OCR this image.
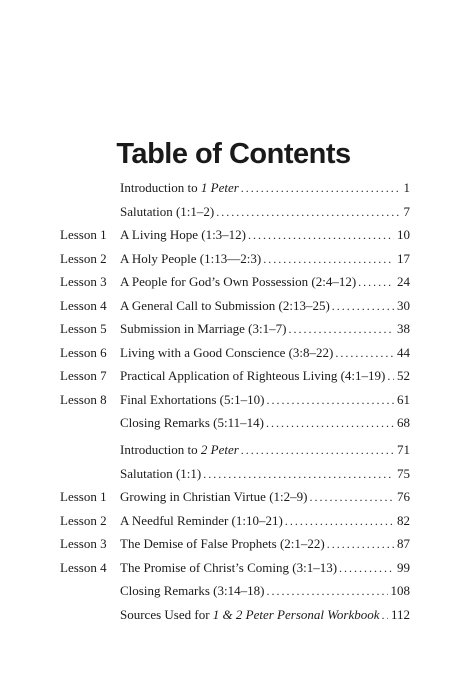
Table of Contents
Introduction to 1 Peter . . .	1
Salutation (1:1–2) . . .	7
Lesson 1 A Living Hope (1:3–12) . . .	10
Lesson 2 A Holy People (1:13—2:3) . . .	17
Lesson 3 A People for God’s Own Possession (2:4–12) . . .	24
Lesson 4 A General Call to Submission (2:13–25) . . .	30
Lesson 5 Submission in Marriage (3:1–7) . . .	38
Lesson 6 Living with a Good Conscience (3:8–22) . . .	44
Lesson 7 Practical Application of Righteous Living (4:1–19) . . . 52
Lesson 8 Final Exhortations (5:1–10) . . .	61
Closing Remarks (5:11–14) . . .	68
Introduction to 2 Peter . . .	71
Salutation (1:1) . . .	75
Lesson 1 Growing in Christian Virtue (1:2–9) . . .	76
Lesson 2 A Needful Reminder (1:10–21) . . .	82
Lesson 3 The Demise of False Prophets (2:1–22) . . .	87
Lesson 4 The Promise of Christ’s Coming (3:1–13) . . .	99
Closing Remarks (3:14–18) . . .	108
Sources Used for 1 & 2 Peter Personal Workbook . . . 112
